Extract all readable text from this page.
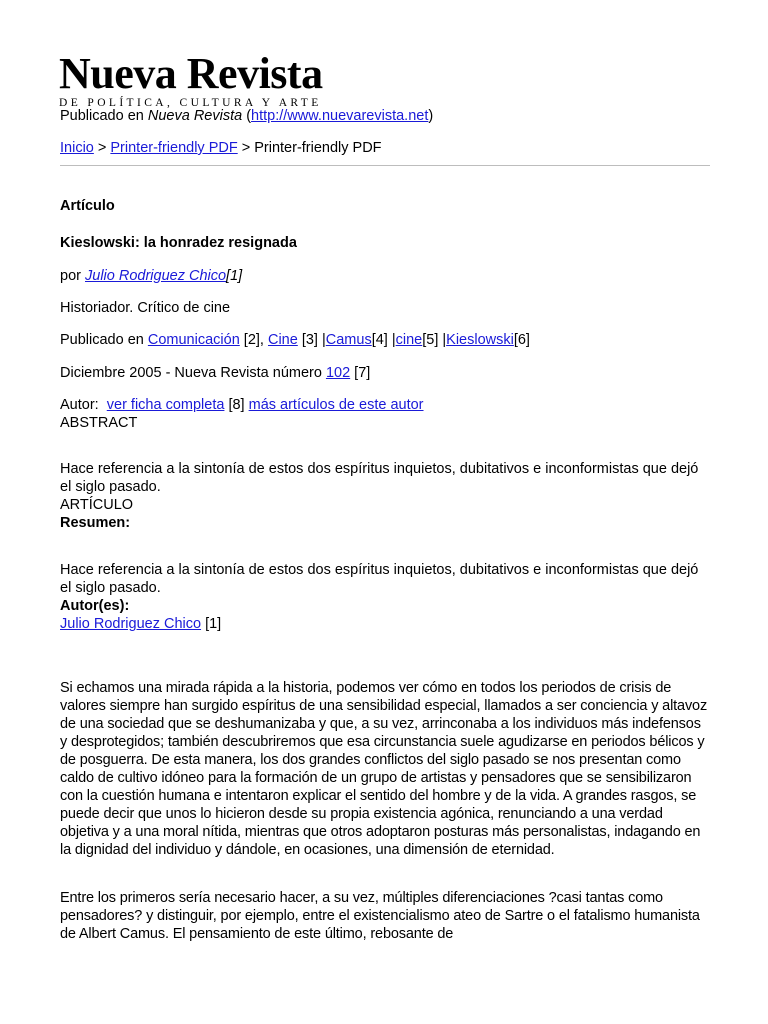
Nueva Revista
DE POLÍTICA, CULTURA Y ARTE

Publicado en Nueva Revista (http://www.nuevarevista.net)

Inicio > Printer-friendly PDF > Printer-friendly PDF

Artículo

Kieslowski: la honradez resignada

por Julio Rodriguez Chico[1]

Historiador. Crítico de cine

Publicado en Comunicación [2], Cine [3] |Camus[4] |cine[5] |Kieslowski[6]

Diciembre 2005 - Nueva Revista número 102 [7]

Autor:  ver ficha completa [8] más artículos de este autor

ABSTRACT

Hace referencia a la sintonía de estos dos espíritus inquietos, dubitativos e inconformistas que dejó el siglo pasado.

ARTÍCULO

Resumen:

Hace referencia a la sintonía de estos dos espíritus inquietos, dubitativos e inconformistas que dejó el siglo pasado.

Autor(es):

Julio Rodriguez Chico [1]

Si echamos una mirada rápida a la historia, podemos ver cómo en todos los periodos de crisis de valores siempre han surgido espíritus de una sensibilidad especial, llamados a ser conciencia y altavoz de una sociedad que se deshumanizaba y que, a su vez, arrinconaba a los individuos más indefensos y desprotegidos; también descubriremos que esa circunstancia suele agudizarse en periodos bélicos y de posguerra. De esta manera, los dos grandes conflictos del siglo pasado se nos presentan como caldo de cultivo idóneo para la formación de un grupo de artistas y pensadores que se sensibilizaron con la cuestión humana e intentaron explicar el sentido del hombre y de la vida. A grandes rasgos, se puede decir que unos lo hicieron desde su propia existencia agónica, renunciando a una verdad objetiva y a una moral nítida, mientras que otros adoptaron posturas más personalistas, indagando en la dignidad del individuo y dándole, en ocasiones, una dimensión de eternidad.

Entre los primeros sería necesario hacer, a su vez, múltiples diferenciaciones ?casi tantas como pensadores? y distinguir, por ejemplo, entre el existencialismo ateo de Sartre o el fatalismo humanista de Albert Camus. El pensamiento de este último, rebosante de
